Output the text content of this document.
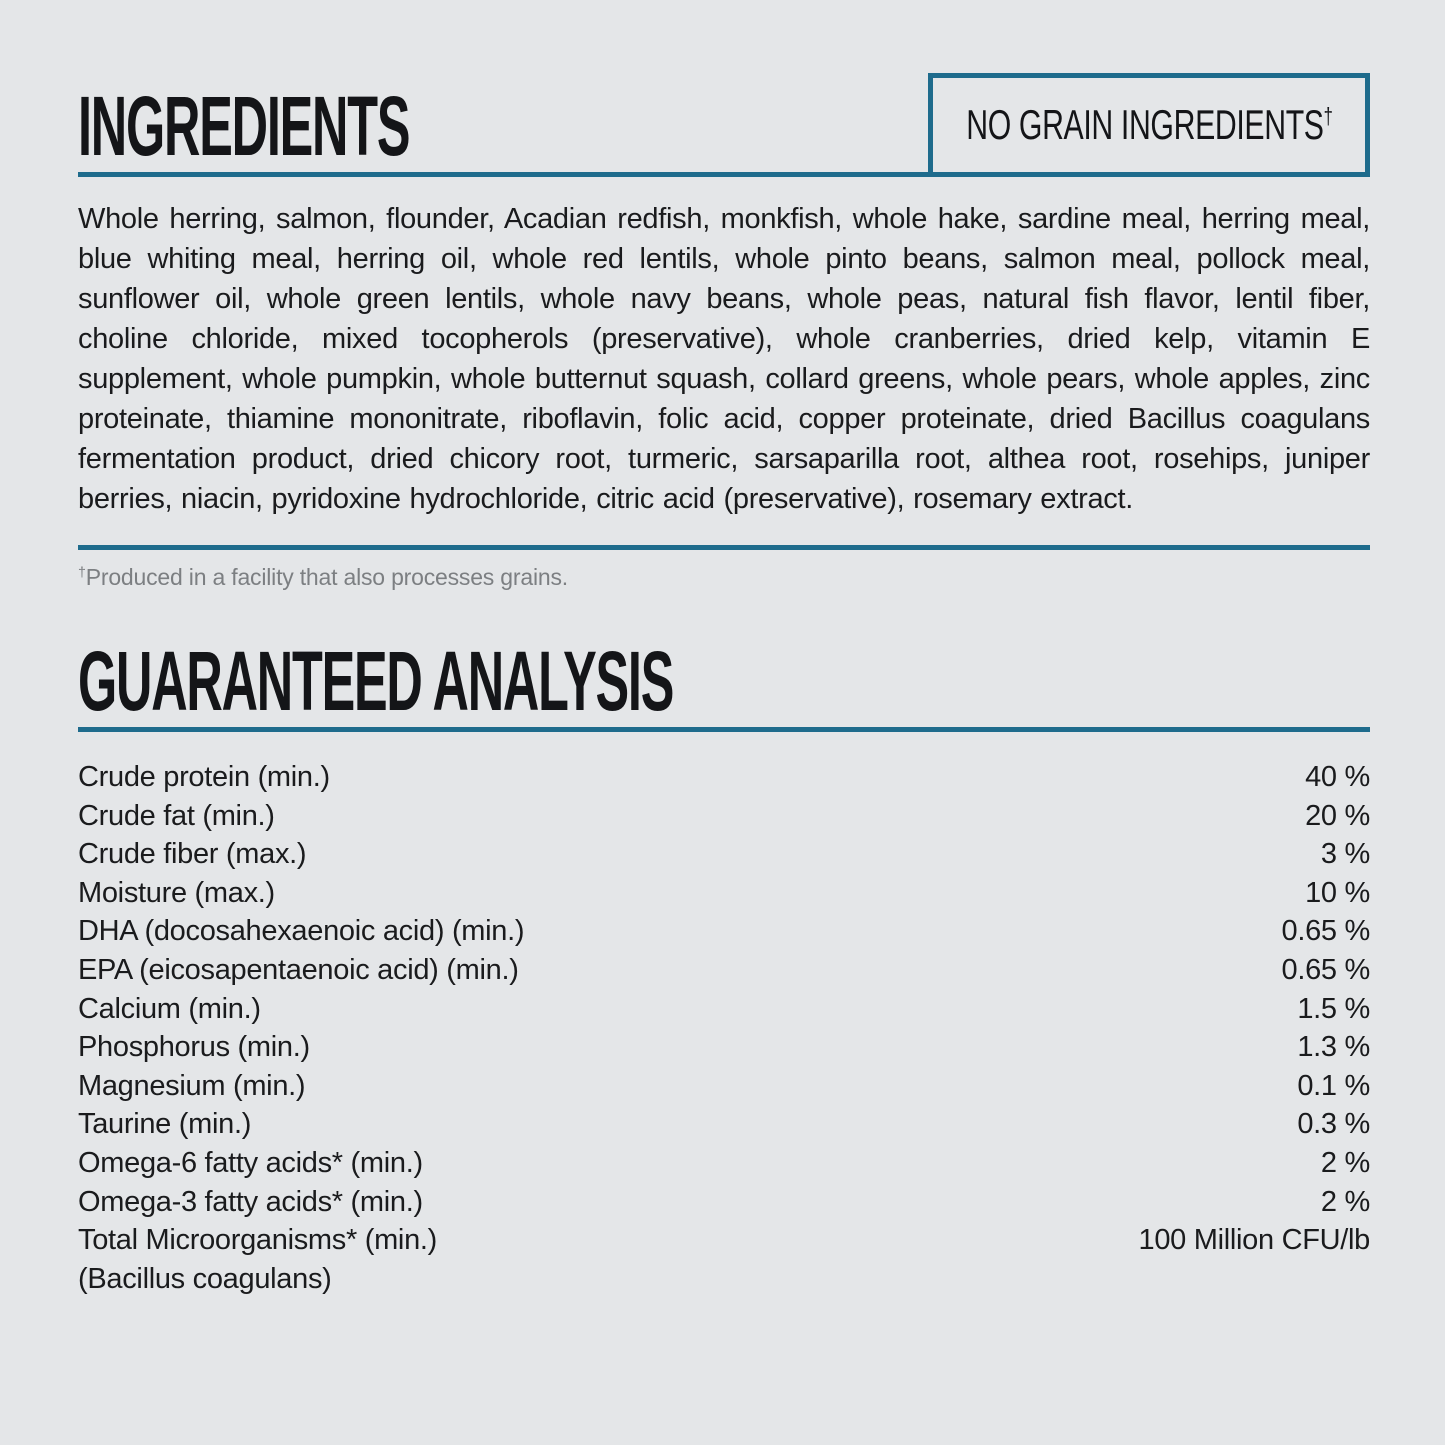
INGREDIENTS	NO GRAIN INGREDIENTS†

Whole herring, salmon, flounder, Acadian redfish, monkfish, whole hake, sardine meal, herring meal, blue whiting meal, herring oil, whole red lentils, whole pinto beans, salmon meal, pollock meal, sunflower oil, whole green lentils, whole navy beans, whole peas, natural fish flavor, lentil fiber, choline chloride, mixed tocopherols (preservative), whole cranberries, dried kelp, vitamin E supplement, whole pumpkin, whole butternut squash, collard greens, whole pears, whole apples, zinc proteinate, thiamine mononitrate, riboflavin, folic acid, copper proteinate, dried Bacillus coagulans fermentation product, dried chicory root, turmeric, sarsaparilla root, althea root, rosehips, juniper berries, niacin, pyridoxine hydrochloride, citric acid (preservative), rosemary extract.

†Produced in a facility that also processes grains.

GUARANTEED ANALYSIS
Crude protein (min.)	40 %
Crude fat (min.)	20 %
Crude fiber (max.)	3 %
Moisture (max.)	10 %
DHA (docosahexaenoic acid) (min.)	0.65 %
EPA (eicosapentaenoic acid) (min.)	0.65 %
Calcium (min.)	1.5 %
Phosphorus (min.)	1.3 %
Magnesium (min.)	0.1 %
Taurine (min.)	0.3 %
Omega-6 fatty acids* (min.)	2 %
Omega-3 fatty acids* (min.)	2 %
Total Microorganisms* (min.)	100 Million CFU/lb
(Bacillus coagulans)
